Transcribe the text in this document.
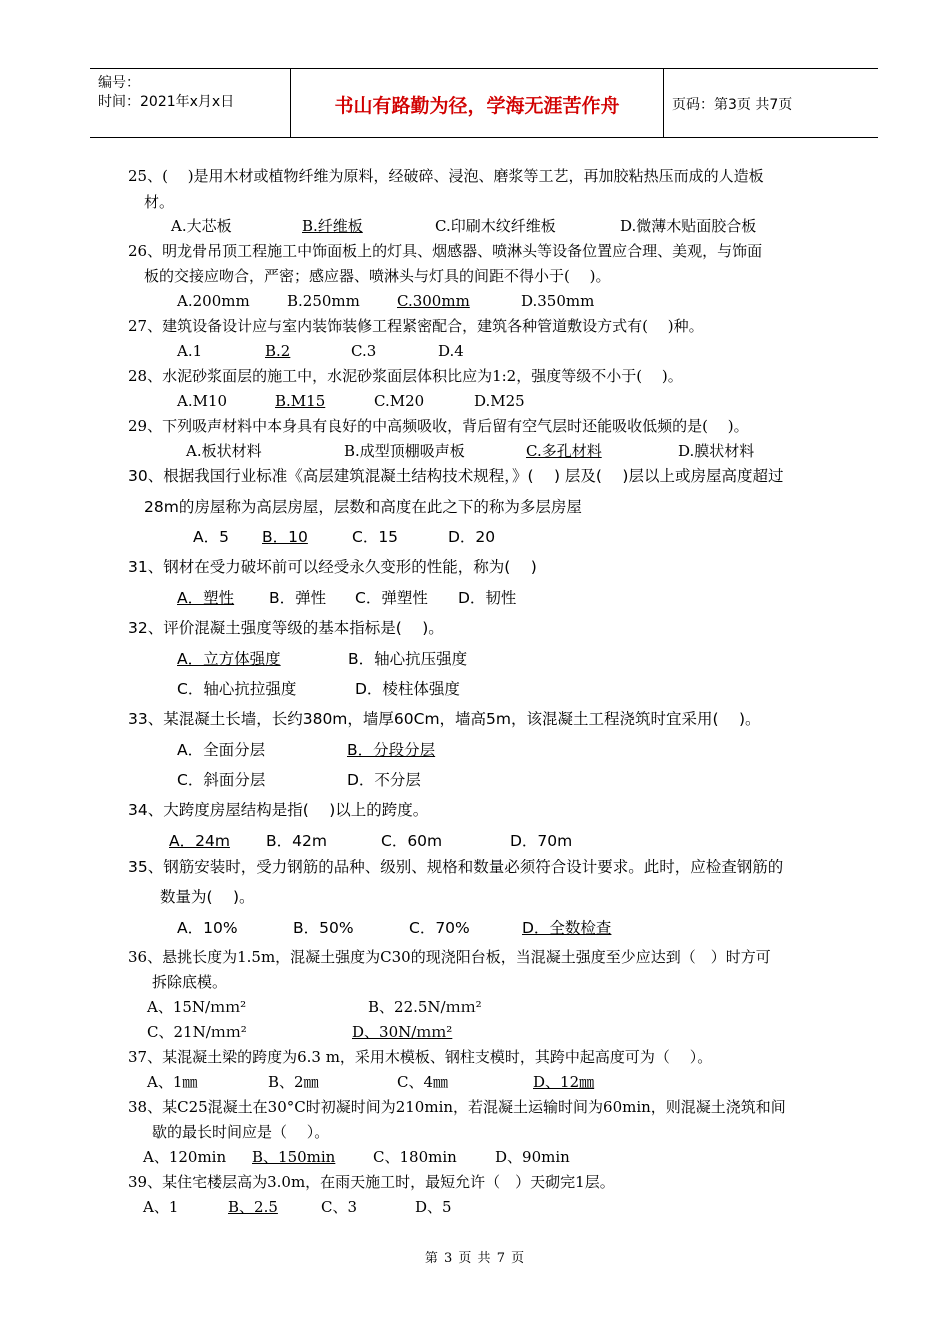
编号：
时间：2021年x月x日	书山有路勤为径，学海无涯苦作舟	页码：第3页 共7页
25、(　 )是用木材或植物纤维为原料，经破碎、浸泡、磨浆等工艺，再加胶粘热压而成的人造板
材。
A.大芯板	B.纤维板	C.印刷木纹纤维板	D.微薄木贴面胶合板
26、明龙骨吊顶工程施工中饰面板上的灯具、烟感器、喷淋头等设备位置应合理、美观，与饰面
板的交接应吻合，严密；感应器、喷淋头与灯具的间距不得小于(　 )。
A.200mm B.250mm C.300mm	D.350mm
27、建筑设备设计应与室内装饰装修工程紧密配合，建筑各种管道敷设方式有(　 )种。
A.1	B.2	C.3	D.4
28、水泥砂浆面层的施工中，水泥砂浆面层体积比应为1:2，强度等级不小于(　 )。
A.M10	B.M15	C.M20	D.M25
29、下列吸声材料中本身具有良好的中高频吸收，背后留有空气层时还能吸收低频的是(　 )。
A.板状材料	B.成型顶棚吸声板	C.多孔材料	D.膜状材料
30、根据我国行业标准《高层建筑混凝土结构技术规程，》(　 ) 层及(　 )层以上或房屋高度超过
28m的房屋称为高层房屋，层数和高度在此之下的称为多层房屋
A．5 B．10	C．15	D．20
31、钢材在受力破坏前可以经受永久变形的性能，称为(　 )
A．塑性 B．弹性 C．弹塑性 D．韧性
32、评价混凝土强度等级的基本指标是(　 )。
A．立方体强度	B．轴心抗压强度
C．轴心抗拉强度	D．棱柱体强度
33、某混凝土长墙，长约380m，墙厚60Cm，墙高5m，该混凝土工程浇筑时宜采用(　 )。
A．全面分层	B．分段分层
C．斜面分层	D．不分层
34、大跨度房屋结构是指(　 )以上的跨度。
A．24m B．42m	C．60m	D．70m
35、钢筋安装时，受力钢筋的品种、级别、规格和数量必须符合设计要求。此时，应检查钢筋的
数量为(　 )。
A．10%	B．50%	C．70%	D．全数检查
36、悬挑长度为1.5m，混凝土强度为C30的现浇阳台板，当混凝土强度至少应达到（　）时方可
拆除底模。
A、15N/ｍｍ²	B、22.5N/ｍｍ²
C、21N/ｍｍ²	D、30N/ｍｍ²
37、某混凝土梁的跨度为6.3 m，采用木模板、钢柱支模时，其跨中起高度可为（　 ）。
A、1㎜	B、2㎜	C、4㎜	D、12㎜
38、某C25混凝土在30°C时初凝时间为210min，若混凝土运输时间为60min，则混凝土浇筑和间
歇的最长时间应是（　 ）。
A、120min B、150min	C、180min	D、90min
39、某住宅楼层高为3.0m，在雨天施工时，最短允许（　）天砌完1层。
A、1	B、2.5	C、3	D、5
第 3 页 共 7 页
